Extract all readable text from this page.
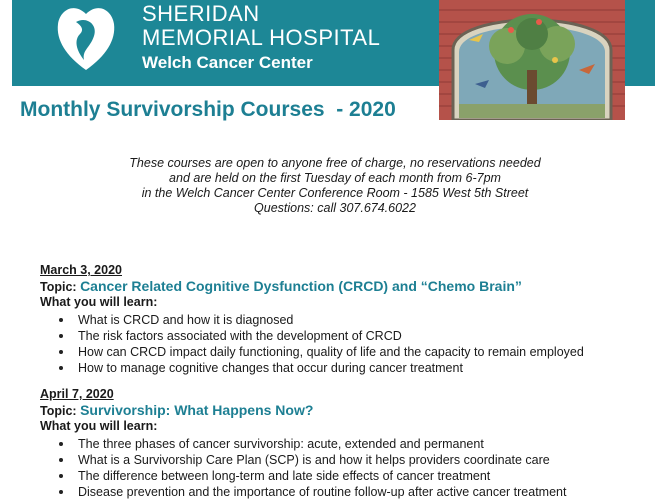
SHERIDAN
MEMORIAL HOSPITAL
Welch Cancer Center
Monthly Survivorship Courses  - 2020
These courses are open to anyone free of charge, no reservations needed
and are held on the first Tuesday of each month from 6-7pm
in the Welch Cancer Center Conference Room - 1585 West 5th Street
Questions: call 307.674.6022
March 3, 2020
Topic: Cancer Related Cognitive Dysfunction (CRCD) and “Chemo Brain”
What you will learn:
What is CRCD and how it is diagnosed
The risk factors associated with the development of CRCD
How can CRCD impact daily functioning, quality of life and the capacity to remain employed
How to manage cognitive changes that occur during cancer treatment
April 7, 2020
Topic: Survivorship: What Happens Now?
What you will learn:
The three phases of cancer survivorship: acute, extended and permanent
What is a Survivorship Care Plan (SCP) is and how it helps providers coordinate care
The difference between long-term and late side effects of cancer treatment
Disease prevention and the importance of routine follow-up after active cancer treatment
